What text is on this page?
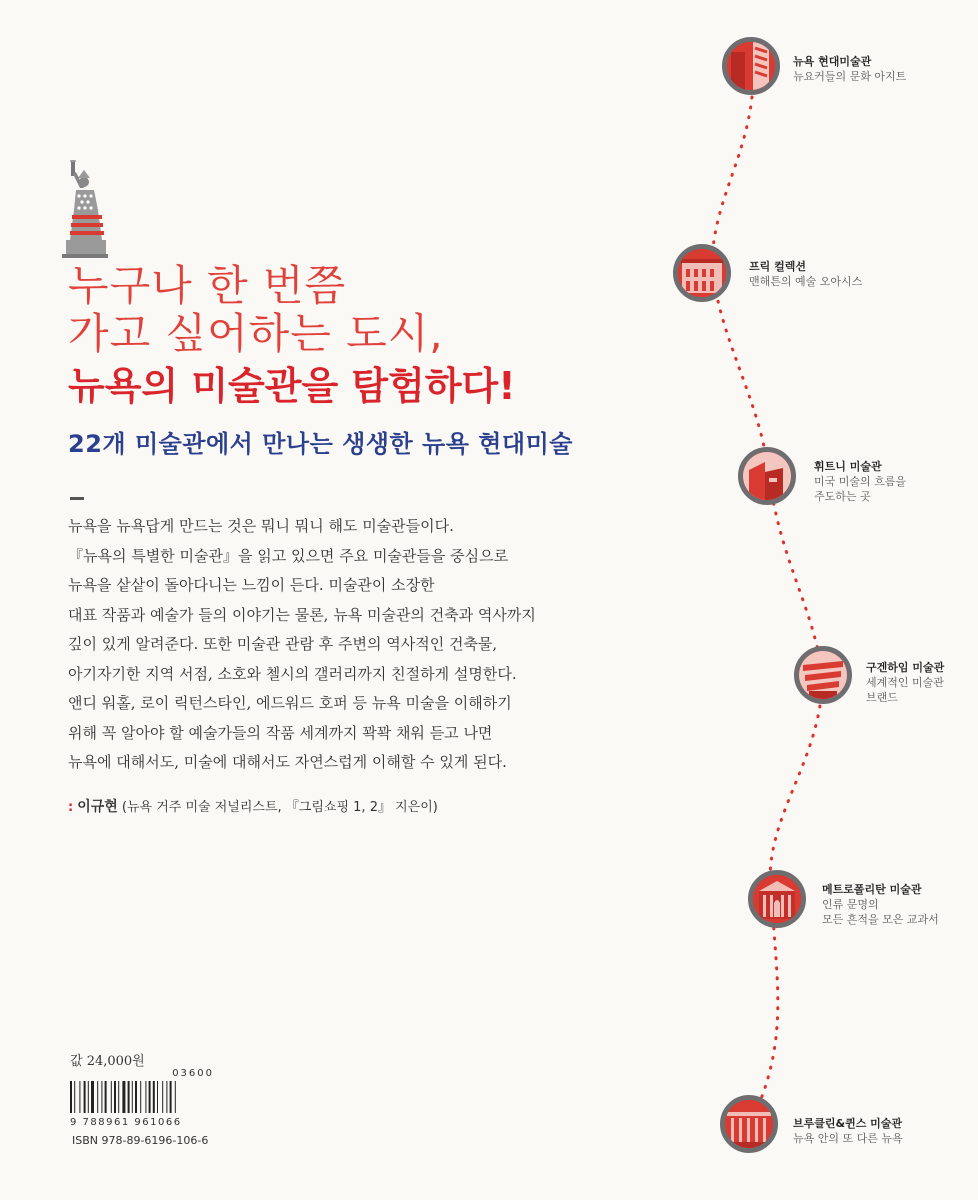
누구나 한 번쯤
가고 싶어하는 도시,
뉴욕의 미술관을 탐험하다!
22개 미술관에서 만나는 생생한 뉴욕 현대미술

뉴욕을 뉴욕답게 만드는 것은 뭐니 뭐니 해도 미술관들이다.

『뉴욕의 특별한 미술관』을 읽고 있으면 주요 미술관들을 중심으로

뉴욕을 샅샅이 돌아다니는 느낌이 든다. 미술관이 소장한

대표 작품과 예술가 들의 이야기는 물론, 뉴욕 미술관의 건축과 역사까지

깊이 있게 알려준다. 또한 미술관 관람 후 주변의 역사적인 건축물,

아기자기한 지역 서점, 소호와 첼시의 갤러리까지 친절하게 설명한다.

앤디 워홀, 로이 릭턴스타인, 에드워드 호퍼 등 뉴욕 미술을 이해하기

위해 꼭 알아야 할 예술가들의 작품 세계까지 꽉꽉 채워 듣고 나면

뉴욕에 대해서도, 미술에 대해서도 자연스럽게 이해할 수 있게 된다.

: 이규현 (뉴욕 거주 미술 저널리스트, 『그림쇼핑 1, 2』 지은이)
값 24,000원
03600
9 788961 961066
ISBN 978-89-6196-106-6
뉴욕 현대미술관
뉴요커들의 문화 아지트
프릭 컬렉션
맨해튼의 예술 오아시스
휘트니 미술관
미국 미술의 흐름을
주도하는 곳
구겐하임 미술관
세계적인 미술관
브랜드
메트로폴리탄 미술관
인류 문명의
모든 흔적을 모은 교과서
브루클린&퀸스 미술관
뉴욕 안의 또 다른 뉴욕
